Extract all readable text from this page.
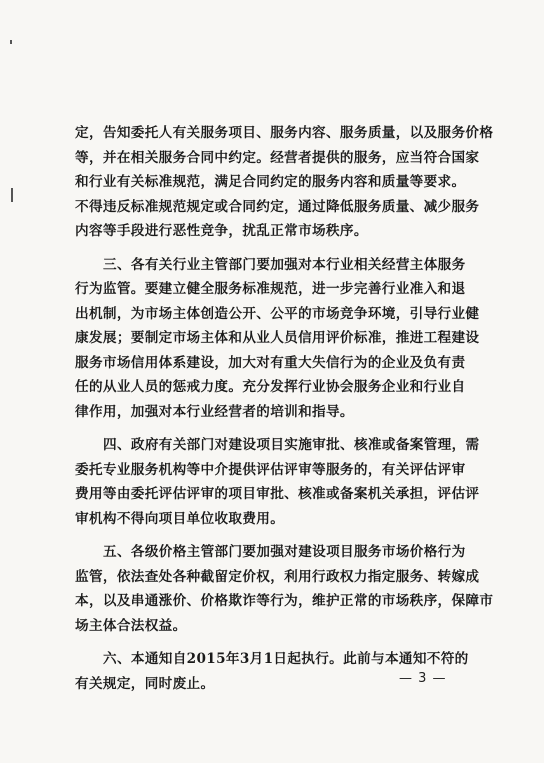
定，告知委托人有关服务项目、服务内容、服务质量，以及服务价格
等，并在相关服务合同中约定。经营者提供的服务，应当符合国家
和行业有关标准规范，满足合同约定的服务内容和质量等要求。
不得违反标准规范规定或合同约定，通过降低服务质量、减少服务
内容等手段进行恶性竞争，扰乱正常市场秩序。
三、各有关行业主管部门要加强对本行业相关经营主体服务
行为监管。要建立健全服务标准规范，进一步完善行业准入和退
出机制，为市场主体创造公开、公平的市场竞争环境，引导行业健
康发展；要制定市场主体和从业人员信用评价标准，推进工程建设
服务市场信用体系建设，加大对有重大失信行为的企业及负有责
任的从业人员的惩戒力度。充分发挥行业协会服务企业和行业自
律作用，加强对本行业经营者的培训和指导。
四、政府有关部门对建设项目实施审批、核准或备案管理，需
委托专业服务机构等中介提供评估评审等服务的，有关评估评审
费用等由委托评估评审的项目审批、核准或备案机关承担，评估评
审机构不得向项目单位收取费用。
五、各级价格主管部门要加强对建设项目服务市场价格行为
监管，依法查处各种截留定价权，利用行政权力指定服务、转嫁成
本，以及串通涨价、价格欺诈等行为，维护正常的市场秩序，保障市
场主体合法权益。
六、本通知自2015年3月1日起执行。此前与本通知不符的
有关规定，同时废止。	— 3 —
